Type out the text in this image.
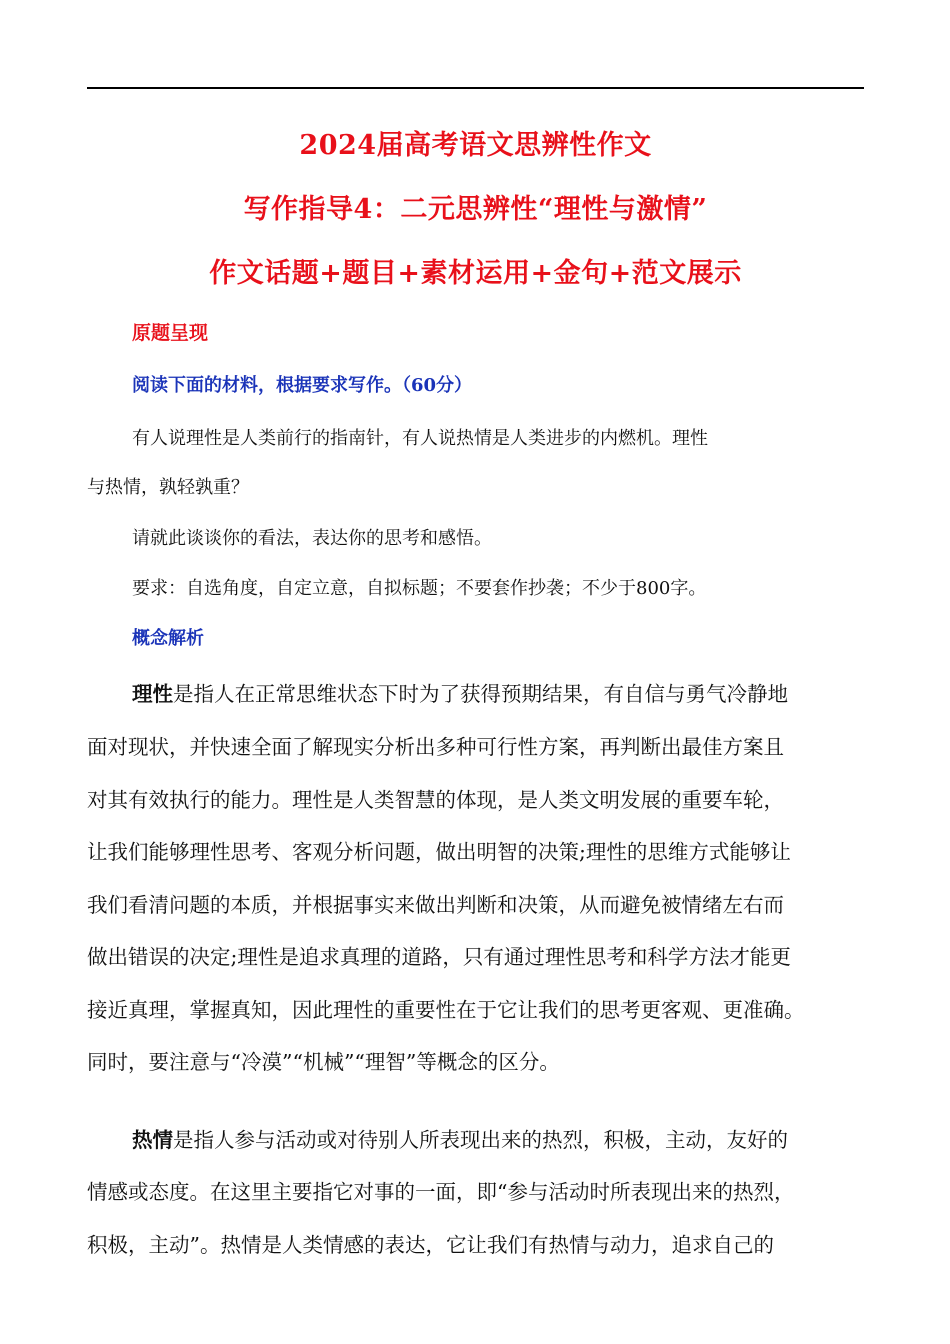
2024届高考语文思辨性作文
写作指导4：二元思辨性“理性与激情”
作文话题+题目+素材运用+金句+范文展示
原题呈现
阅读下面的材料，根据要求写作。（60分）
有人说理性是人类前行的指南针，有人说热情是人类进步的内燃机。理性
与热情，孰轻孰重？
请就此谈谈你的看法，表达你的思考和感悟。
要求：自选角度，自定立意，自拟标题；不要套作抄袭；不少于800字。
概念解析
理性是指人在正常思维状态下时为了获得预期结果，有自信与勇气冷静地
面对现状，并快速全面了解现实分析出多种可行性方案，再判断出最佳方案且
对其有效执行的能力。理性是人类智慧的体现，是人类文明发展的重要车轮，
让我们能够理性思考、客观分析问题，做出明智的决策;理性的思维方式能够让
我们看清问题的本质，并根据事实来做出判断和决策，从而避免被情绪左右而
做出错误的决定;理性是追求真理的道路，只有通过理性思考和科学方法才能更
接近真理，掌握真知，因此理性的重要性在于它让我们的思考更客观、更准确。
同时，要注意与“冷漠”“机械”“理智”等概念的区分。
热情是指人参与活动或对待别人所表现出来的热烈，积极，主动，友好的
情感或态度。在这里主要指它对事的一面，即“参与活动时所表现出来的热烈，
积极，主动”。热情是人类情感的表达，它让我们有热情与动力，追求自己的
